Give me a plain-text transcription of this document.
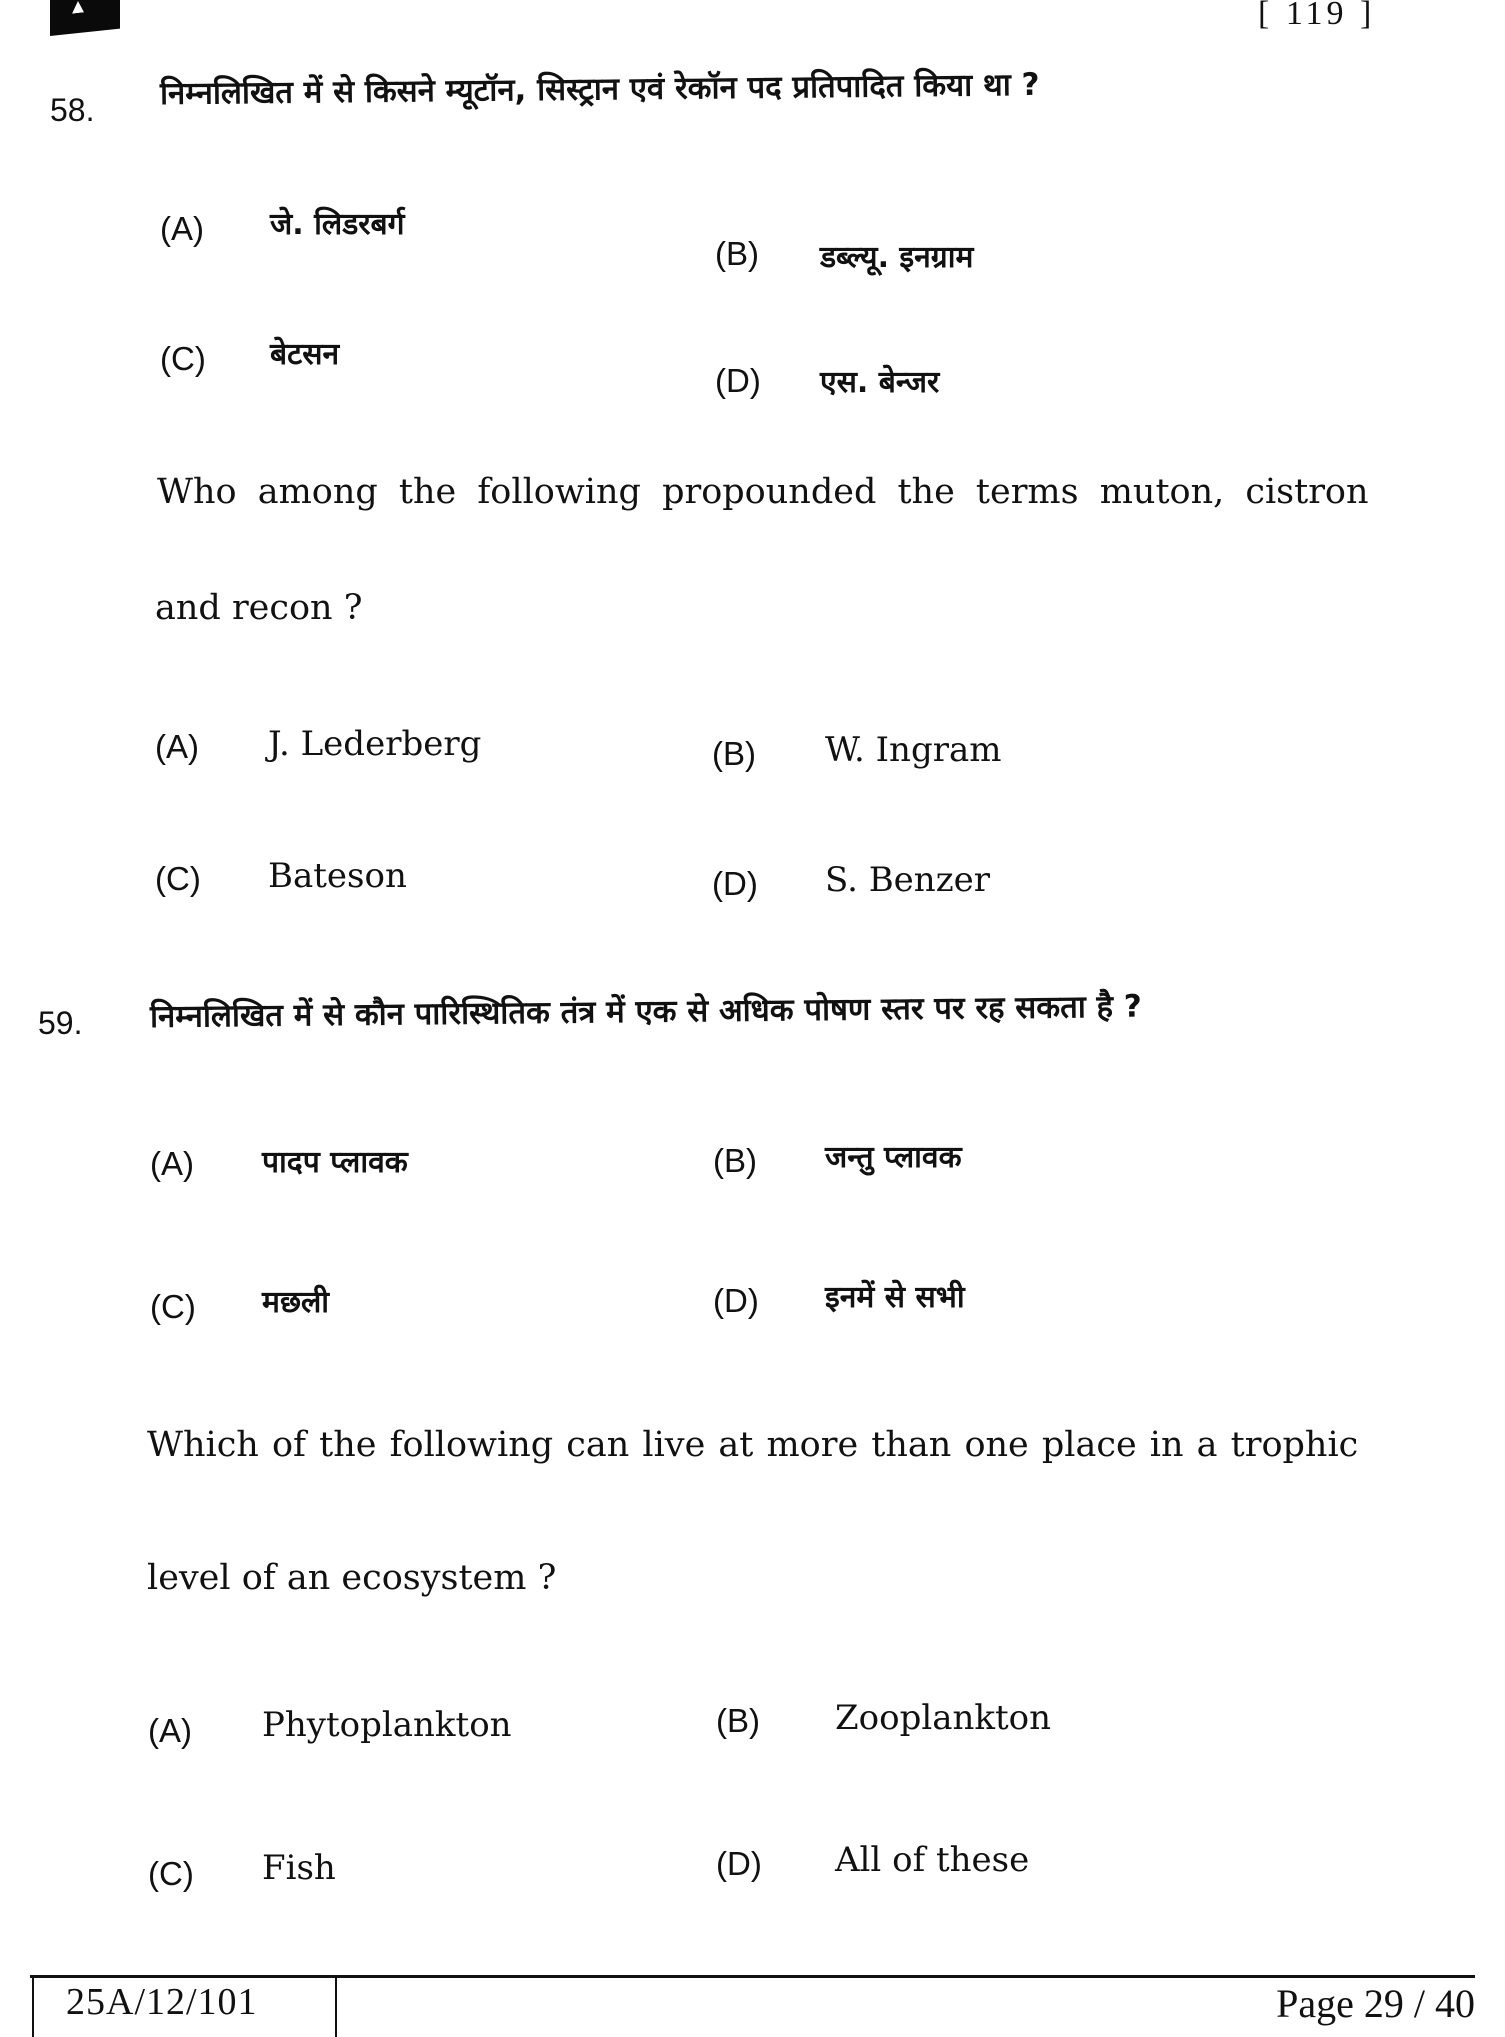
[ 119 ]
58. निम्नलिखित में से किसने म्यूटॉन, सिस्ट्रान एवं रेकॉन पद प्रतिपादित किया था ?
(A) जे. लिडरबर्ग
(B) डब्ल्यू. इनग्राम
(C) बेटसन
(D) एस. बेन्जर
Who among the following propounded the terms muton, cistron
and recon ?
(A) J. Lederberg	(B) W. Ingram
(C) Bateson	(D) S. Benzer
59. निम्नलिखित में से कौन पारिस्थितिक तंत्र में एक से अधिक पोषण स्तर पर रह सकता है ?
(A) पादप प्लावक	(B) जन्तु प्लावक
(C) मछली	(D) इनमें से सभी
Which of the following can live at more than one place in a trophic
level of an ecosystem ?
(A) Phytoplankton	(B) Zooplankton
(C) Fish	(D) All of these
25A/12/101	Page 29 / 40
